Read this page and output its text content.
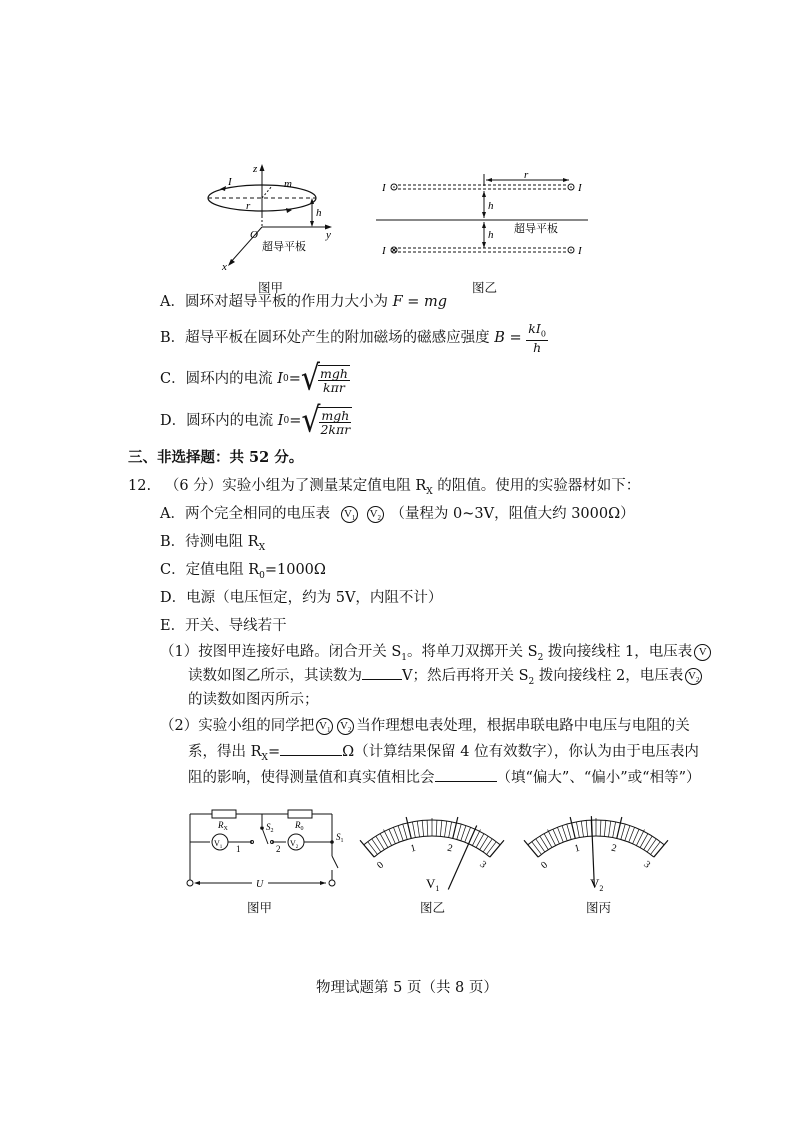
z
I	m
r
h
O	y
x
超导平板
图甲
I	I
r
超导平板
h
h
I	I
图乙
A．圆环对超导平板的作用力大小为 F = mg
B．超导平板在圆环处产生的附加磁场的磁感应强度
B =
$\frac{kI_0}{h}$
C．圆环内的电流
I 0 = √
$\frac{\text{mgh}}{\text{kπr}}$
D．圆环内的电流
I 0 = √
$\frac{\text{mgh}}{\text{2kπr}}$
三、非选择题：共 52 分。
12. （6 分）实验小组为了测量某定值电阻 $R_X$ 的阻值。使用的实验器材如下：
A．两个完全相同的电压表 $V_1$ $V_2$ （量程为 0~3V，阻值大约 3000Ω）
B．待测电阻 $R_X$
C．定值电阻 $R_0=1000\Omega$
D．电源（电压恒定，约为 5V，内阻不计）
E．开关、导线若干
（1）按图甲连接好电路。闭合开关 $S_1$。将单刀双掷开关 $S_2$ 拨向接线柱 1，电压表 V
读数如图乙所示，其读数为	V；然后再将开关 $S_2$ 拨向接线柱 2，电压表 $V_2$
的读数如图丙所示；
（2）实验小组的同学把 $V_1$ $V_2$ 当作理想电表处理，根据串联电路中电压与电阻的关
系，得出 $R_X=$	Ω（计算结果保留 4 位有效数字），你认为由于电压表内
阻的影响，使得测量值和真实值相比会	（填“偏大”、“偏小”或“相等”）
$R_X$	$R_0$
$S_2$
$V_1$ 1	2
$V_2$
$S_1$
U
图甲
0
1	2
3
$V_1$
图乙
0
1	2
3
$V_2$
图丙
物理试题第 5 页（共 8 页）
